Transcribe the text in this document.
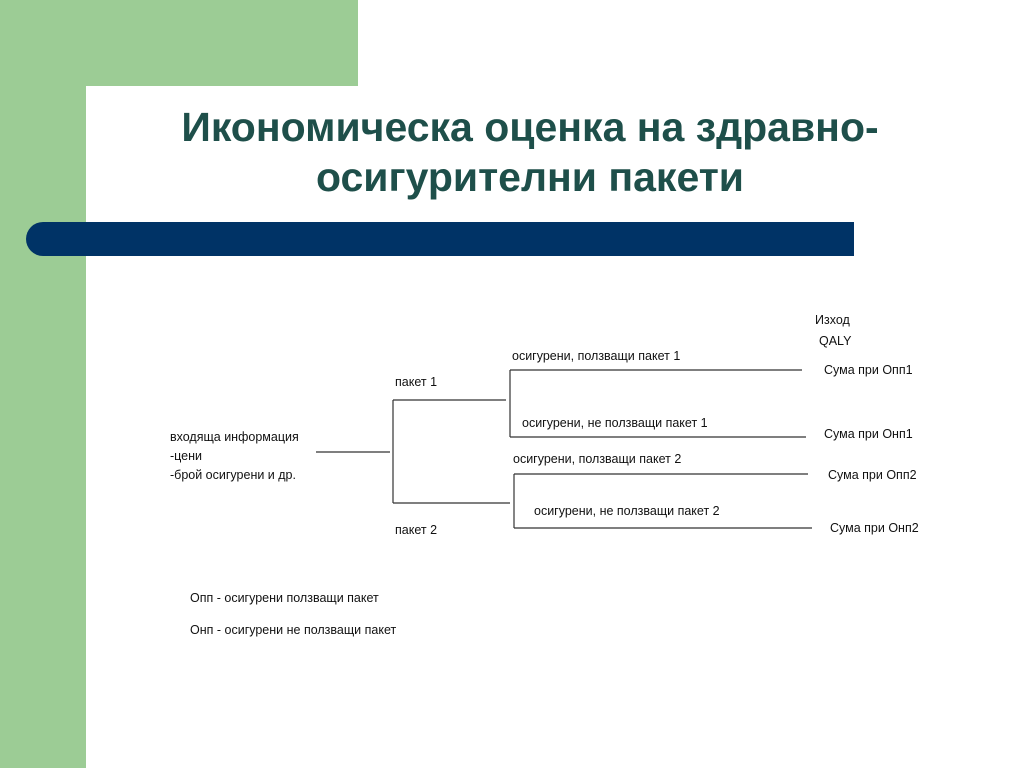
Икономическа оценка на здравно-
осигурителни пакети
входяща информация
-цени
-брой осигурени и др.
пакет 1
пакет 2
осигурени, ползващи пакет 1
осигурени, не ползващи пакет 1
осигурени, ползващи пакет 2
осигурени, не ползващи пакет 2
Изход
QALY
Сума при Опп1
Сума при Онп1
Сума при Опп2
Сума при Онп2
Опп - осигурени ползващи пакет
Онп - осигурени не ползващи пакет
